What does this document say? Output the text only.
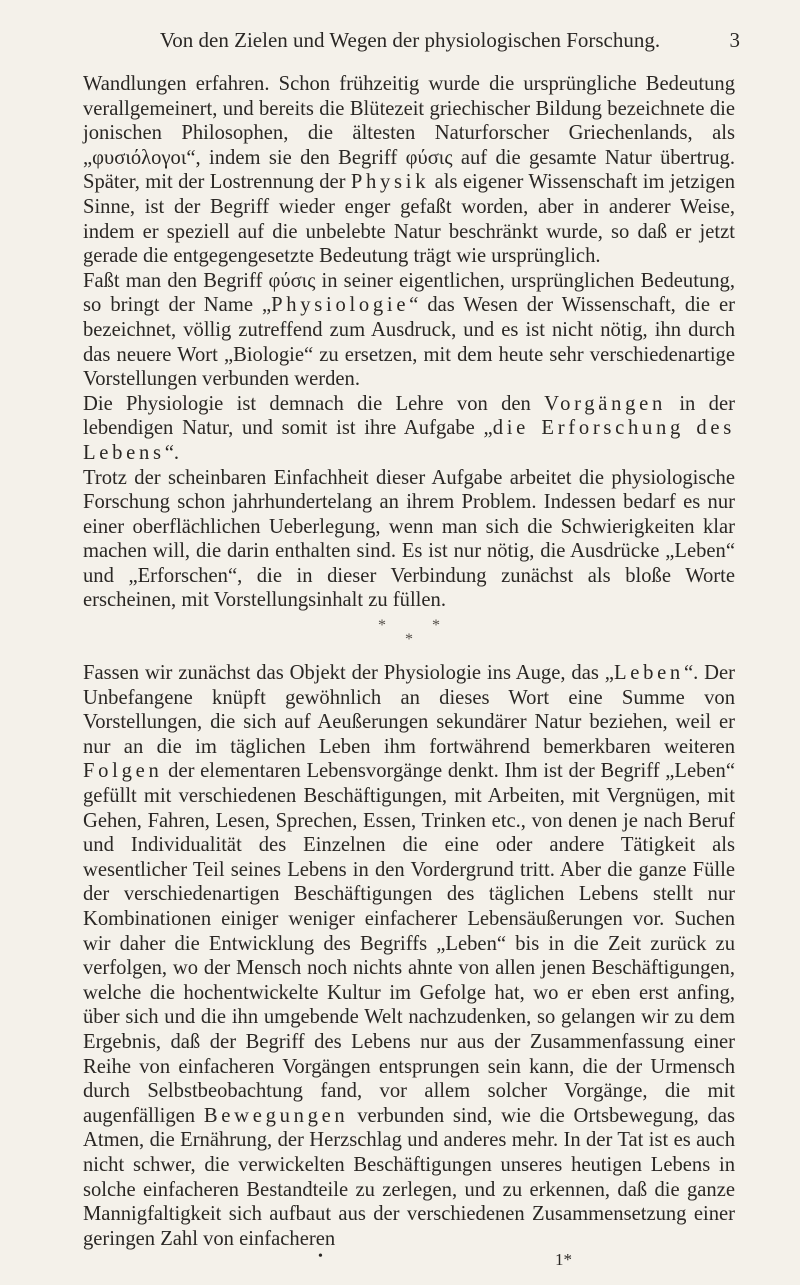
Von den Zielen und Wegen der physiologischen Forschung.	3

Wandlungen erfahren. Schon frühzeitig wurde die ursprüngliche Bedeutung verallgemeinert, und bereits die Blütezeit griechischer Bildung bezeichnete die jonischen Philosophen, die ältesten Naturforscher Griechenlands, als „φυσιόλογοι“, indem sie den Begriff φύσις auf die gesamte Natur übertrug. Später, mit der Lostrennung der Physik als eigener Wissenschaft im jetzigen Sinne, ist der Begriff wieder enger gefaßt worden, aber in anderer Weise, indem er speziell auf die unbelebte Natur beschränkt wurde, so daß er jetzt gerade die entgegengesetzte Bedeutung trägt wie ursprünglich.

Faßt man den Begriff φύσις in seiner eigentlichen, ursprünglichen Bedeutung, so bringt der Name „Physiologie“ das Wesen der Wissenschaft, die er bezeichnet, völlig zutreffend zum Ausdruck, und es ist nicht nötig, ihn durch das neuere Wort „Biologie“ zu ersetzen, mit dem heute sehr verschiedenartige Vorstellungen verbunden werden.

Die Physiologie ist demnach die Lehre von den Vorgängen in der lebendigen Natur, und somit ist ihre Aufgabe „die Erforschung des Lebens“.

Trotz der scheinbaren Einfachheit dieser Aufgabe arbeitet die physiologische Forschung schon jahrhundertelang an ihrem Problem. Indessen bedarf es nur einer oberflächlichen Ueberlegung, wenn man sich die Schwierigkeiten klar machen will, die darin enthalten sind. Es ist nur nötig, die Ausdrücke „Leben“ und „Erforschen“, die in dieser Verbindung zunächst als bloße Worte erscheinen, mit Vorstellungsinhalt zu füllen.

*	*
*

Fassen wir zunächst das Objekt der Physiologie ins Auge, das „Leben“. Der Unbefangene knüpft gewöhnlich an dieses Wort eine Summe von Vorstellungen, die sich auf Aeußerungen sekundärer Natur beziehen, weil er nur an die im täglichen Leben ihm fortwährend bemerkbaren weiteren Folgen der elementaren Lebensvorgänge denkt. Ihm ist der Begriff „Leben“ gefüllt mit verschiedenen Beschäftigungen, mit Arbeiten, mit Vergnügen, mit Gehen, Fahren, Lesen, Sprechen, Essen, Trinken etc., von denen je nach Beruf und Individualität des Einzelnen die eine oder andere Tätigkeit als wesentlicher Teil seines Lebens in den Vordergrund tritt. Aber die ganze Fülle der verschiedenartigen Beschäftigungen des täglichen Lebens stellt nur Kombinationen einiger weniger einfacherer Lebensäußerungen vor. Suchen wir daher die Entwicklung des Begriffs „Leben“ bis in die Zeit zurück zu verfolgen, wo der Mensch noch nichts ahnte von allen jenen Beschäftigungen, welche die hochentwickelte Kultur im Gefolge hat, wo er eben erst anfing, über sich und die ihn umgebende Welt nachzudenken, so gelangen wir zu dem Ergebnis, daß der Begriff des Lebens nur aus der Zusammenfassung einer Reihe von einfacheren Vorgängen entsprungen sein kann, die der Urmensch durch Selbstbeobachtung fand, vor allem solcher Vorgänge, die mit augenfälligen Bewegungen verbunden sind, wie die Ortsbewegung, das Atmen, die Ernährung, der Herzschlag und anderes mehr. In der Tat ist es auch nicht schwer, die verwickelten Beschäftigungen unseres heutigen Lebens in solche einfacheren Bestandteile zu zerlegen, und zu erkennen, daß die ganze Mannigfaltigkeit sich aufbaut aus der verschiedenen Zusammensetzung einer geringen Zahl von einfacheren

•	1*
